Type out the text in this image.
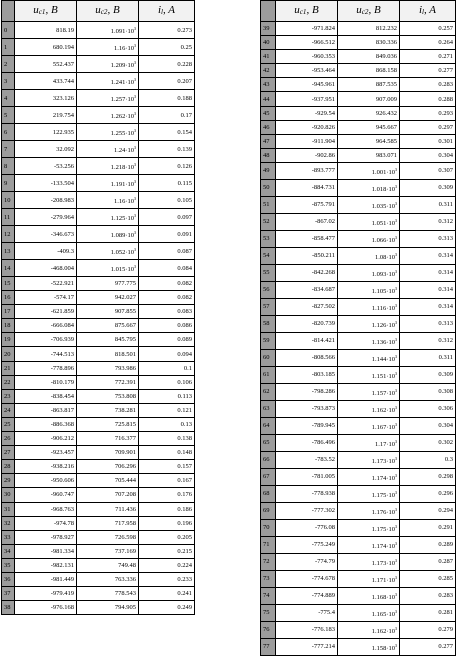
	$u_{c1}$, B	$u_{c2}$, B	$i_l$, A
0	818.19	$1.091\cdot 10^3$	0.273
1	680.194	$1.16\cdot 10^3$	0.25
2	552.437	$1.209\cdot 10^3$	0.228
3	433.744	$1.241\cdot 10^3$	0.207
4	323.126	$1.257\cdot 10^3$	0.188
5	219.754	$1.262\cdot 10^3$	0.17
6	122.935	$1.255\cdot 10^3$	0.154
7	32.092	$1.24\cdot 10^3$	0.139
8	-53.256	$1.218\cdot 10^3$	0.126
9	-133.504	$1.191\cdot 10^3$	0.115
10	-208.983	$1.16\cdot 10^3$	0.105
11	-279.964	$1.125\cdot 10^3$	0.097
12	-346.673	$1.089\cdot 10^3$	0.091
13	-409.3	$1.052\cdot 10^3$	0.087
14	-468.004	$1.015\cdot 10^3$	0.084
15	-522.921	977.775	0.082
16	-574.17	942.027	0.082
17	-621.859	907.855	0.083
18	-666.084	875.667	0.086
19	-706.939	845.795	0.089
20	-744.513	818.501	0.094
21	-778.896	793.986	0.1
22	-810.179	772.391	0.106
23	-838.454	753.808	0.113
24	-863.817	738.281	0.121
25	-886.368	725.815	0.13
26	-906.212	716.377	0.138
27	-923.457	709.901	0.148
28	-938.216	706.296	0.157
29	-950.606	705.444	0.167
30	-960.747	707.208	0.176
31	-968.763	711.436	0.186
32	-974.78	717.958	0.196
33	-978.927	726.598	0.205
34	-981.334	737.169	0.215
35	-982.131	749.48	0.224
36	-981.449	763.336	0.233
37	-979.419	778.543	0.241
38	-976.168	794.905	0.249
	$u_{c1}$, B	$u_{c2}$, B	$i_l$, A
39	-971.824	812.232	0.257
40	-966.512	830.336	0.264
41	-960.353	849.036	0.271
42	-953.464	868.158	0.277
43	-945.961	887.535	0.283
44	-937.951	907.009	0.288
45	-929.54	926.432	0.293
46	-920.826	945.667	0.297
47	-911.904	964.585	0.301
48	-902.86	983.071	0.304
49	-893.777	$1.001\cdot 10^3$	0.307
50	-884.731	$1.018\cdot 10^3$	0.309
51	-875.791	$1.035\cdot 10^3$	0.311
52	-867.02	$1.051\cdot 10^3$	0.312
53	-858.477	$1.066\cdot 10^3$	0.313
54	-850.211	$1.08\cdot 10^3$	0.314
55	-842.268	$1.093\cdot 10^3$	0.314
56	-834.687	$1.105\cdot 10^3$	0.314
57	-827.502	$1.116\cdot 10^3$	0.314
58	-820.739	$1.126\cdot 10^3$	0.313
59	-814.421	$1.136\cdot 10^3$	0.312
60	-808.566	$1.144\cdot 10^3$	0.311
61	-803.185	$1.151\cdot 10^3$	0.309
62	-798.286	$1.157\cdot 10^3$	0.308
63	-793.873	$1.162\cdot 10^3$	0.306
64	-789.945	$1.167\cdot 10^3$	0.304
65	-786.496	$1.17\cdot 10^3$	0.302
66	-783.52	$1.173\cdot 10^3$	0.3
67	-781.005	$1.174\cdot 10^3$	0.298
68	-778.938	$1.175\cdot 10^3$	0.296
69	-777.302	$1.176\cdot 10^3$	0.294
70	-776.08	$1.175\cdot 10^3$	0.291
71	-775.249	$1.174\cdot 10^3$	0.289
72	-774.79	$1.173\cdot 10^3$	0.287
73	-774.678	$1.171\cdot 10^3$	0.285
74	-774.889	$1.168\cdot 10^3$	0.283
75	-775.4	$1.165\cdot 10^3$	0.281
76	-776.183	$1.162\cdot 10^3$	0.279
77	-777.214	$1.158\cdot 10^3$	0.277
